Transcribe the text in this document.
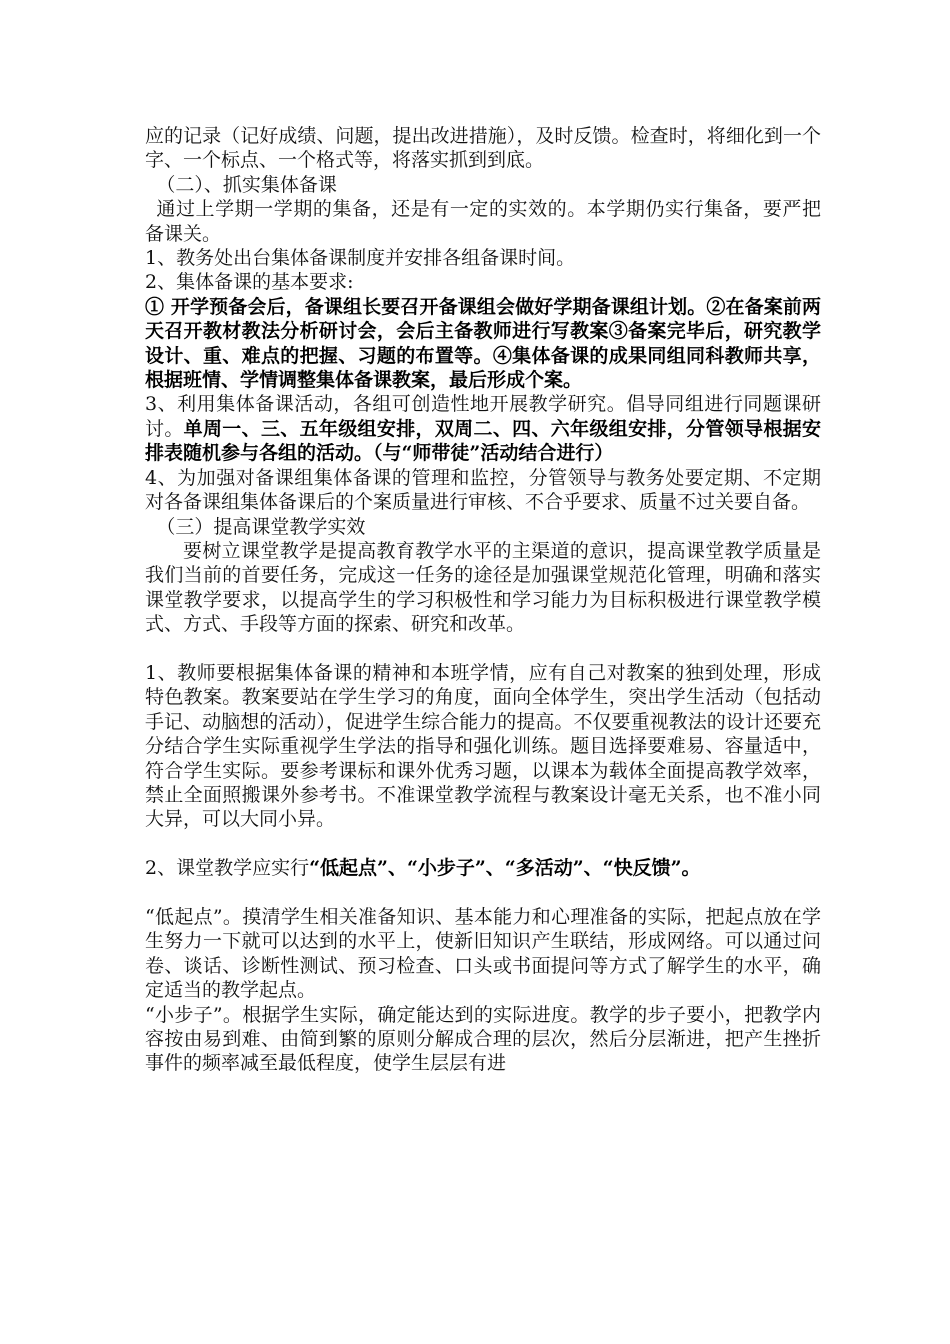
应的记录（记好成绩、问题，提出改进措施），及时反馈。检查时，将细化到一个字、一个标点、一个格式等，将落实抓到到底。

（二）、抓实集体备课

通过上学期一学期的集备，还是有一定的实效的。本学期仍实行集备，要严把备课关。

1、教务处出台集体备课制度并安排各组备课时间。

2、集体备课的基本要求:

① 开学预备会后，备课组长要召开备课组会做好学期备课组计划。②在备案前两天召开教材教法分析研讨会，会后主备教师进行写教案③备案完毕后，研究教学设计、重、难点的把握、习题的布置等。④集体备课的成果同组同科教师共享，根据班情、学情调整集体备课教案，最后形成个案。

3、利用集体备课活动，各组可创造性地开展教学研究。倡导同组进行同题课研讨。单周一、三、五年级组安排，双周二、四、六年级组安排，分管领导根据安排表随机参与各组的活动。（与“师带徒”活动结合进行）

4、为加强对备课组集体备课的管理和监控，分管领导与教务处要定期、不定期对各备课组集体备课后的个案质量进行审核、不合乎要求、质量不过关要自备。

（三）提高课堂教学实效

要树立课堂教学是提高教育教学水平的主渠道的意识，提高课堂教学质量是我们当前的首要任务，完成这一任务的途径是加强课堂规范化管理，明确和落实课堂教学要求，以提高学生的学习积极性和学习能力为目标积极进行课堂教学模式、方式、手段等方面的探索、研究和改革。

1、教师要根据集体备课的精神和本班学情，应有自己对教案的独到处理，形成特色教案。教案要站在学生学习的角度，面向全体学生，突出学生活动（包括动手记、动脑想的活动），促进学生综合能力的提高。不仅要重视教法的设计还要充分结合学生实际重视学生学法的指导和强化训练。题目选择要难易、容量适中，符合学生实际。要参考课标和课外优秀习题，以课本为载体全面提高教学效率，禁止全面照搬课外参考书。不准课堂教学流程与教案设计毫无关系，也不准小同大异，可以大同小异。

2、课堂教学应实行“低起点”、“小步子”、“多活动”、“快反馈”。

“低起点”。摸清学生相关准备知识、基本能力和心理准备的实际，把起点放在学生努力一下就可以达到的水平上，使新旧知识产生联结，形成网络。可以通过问卷、谈话、诊断性测试、预习检查、口头或书面提问等方式了解学生的水平，确定适当的教学起点。

“小步子”。根据学生实际，确定能达到的实际进度。教学的步子要小，把教学内容按由易到难、由简到繁的原则分解成合理的层次，然后分层渐进，把产生挫折事件的频率减至最低程度，使学生层层有进
